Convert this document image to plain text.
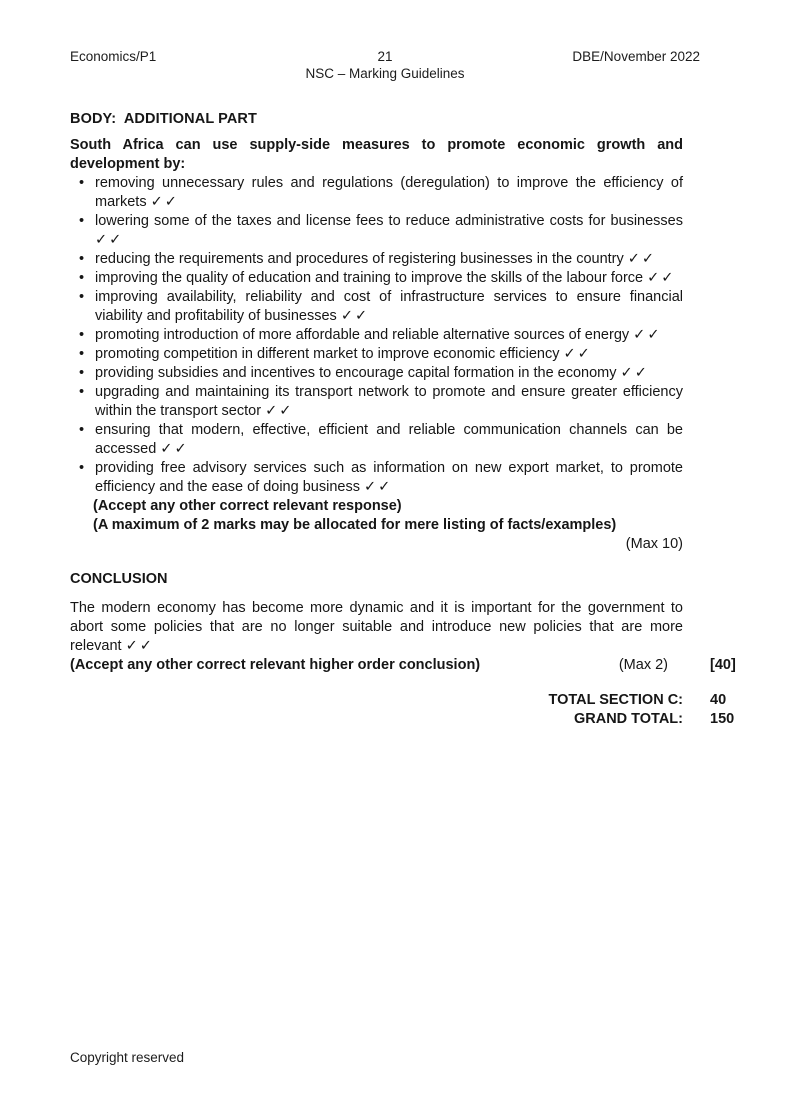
Economics/P1	21	DBE/November 2022
NSC – Marking Guidelines
BODY:  ADDITIONAL PART

South Africa can use supply-side measures to promote economic growth and development by:

• removing unnecessary rules and regulations (deregulation) to improve the efficiency of markets ✓✓
• lowering some of the taxes and license fees to reduce administrative costs for businesses ✓✓
• reducing the requirements and procedures of registering businesses in the country ✓✓
• improving the quality of education and training to improve the skills of the labour force ✓✓
• improving availability, reliability and cost of infrastructure services to ensure financial viability and profitability of businesses ✓✓
• promoting introduction of more affordable and reliable alternative sources of energy ✓✓
• promoting competition in different market to improve economic efficiency ✓✓
• providing subsidies and incentives to encourage capital formation in the economy ✓✓
• upgrading and maintaining its transport network to promote and ensure greater efficiency within the transport sector ✓✓
• ensuring that modern, effective, efficient and reliable communication channels can be accessed ✓✓
• providing free advisory services such as information on new export market, to promote efficiency and the ease of doing business ✓✓
(Accept any other correct relevant response)
(A maximum of 2 marks may be allocated for mere listing of facts/examples)
(Max 10)
CONCLUSION

The modern economy has become more dynamic and it is important for the government to abort some policies that are no longer suitable and introduce new policies that are more relevant ✓✓

(Accept any other correct relevant higher order conclusion)	(Max 2)	[40]
TOTAL SECTION C: 40
GRAND TOTAL: 150
Copyright reserved
